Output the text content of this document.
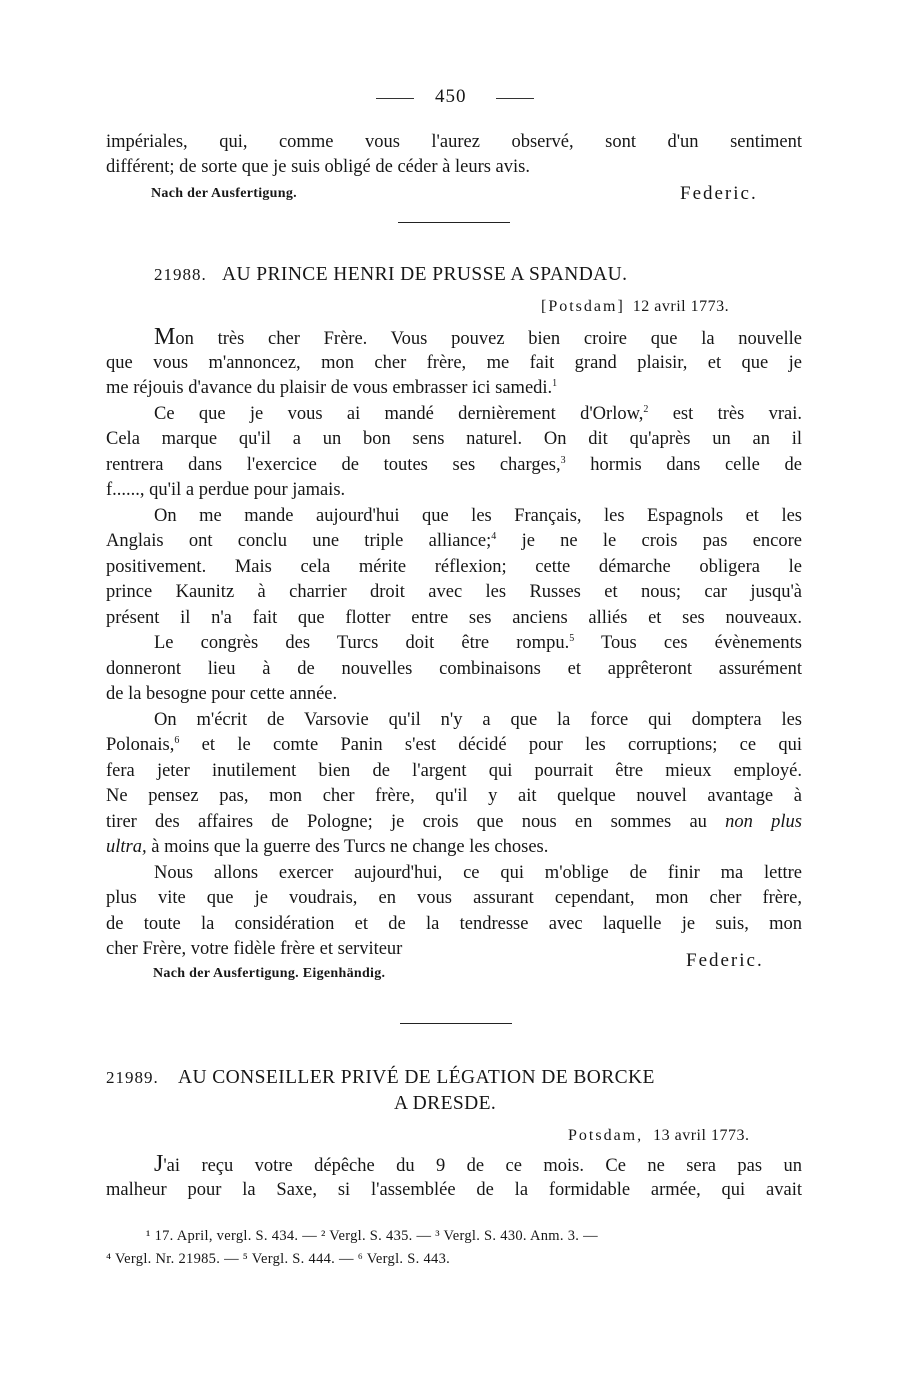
450
impériales, qui, comme vous l'aurez observé, sont d'un sentiment
différent; de sorte que je suis obligé de céder à leurs avis.
Nach der Ausfertigung.	Federic.
21988. AU PRINCE HENRI DE PRUSSE A SPANDAU.
[Potsdam] 12 avril 1773.
Mon très cher Frère. Vous pouvez bien croire que la nouvelle
que vous m'annoncez, mon cher frère, me fait grand plaisir, et que je
me réjouis d'avance du plaisir de vous embrasser ici samedi.$^1$
Ce que je vous ai mandé dernièrement d'Orlow,$^2$ est très vrai.
Cela marque qu'il a un bon sens naturel. On dit qu'après un an il
rentrera dans l'exercice de toutes ses charges,$^3$ hormis dans celle de
f......, qu'il a perdue pour jamais.
On me mande aujourd'hui que les Français, les Espagnols et les
Anglais ont conclu une triple alliance;$^4$ je ne le crois pas encore
positivement. Mais cela mérite réflexion; cette démarche obligera le
prince Kaunitz à charrier droit avec les Russes et nous; car jusqu'à
présent il n'a fait que flotter entre ses anciens alliés et ses nouveaux.
Le congrès des Turcs doit être rompu.$^5$ Tous ces évènements
donneront lieu à de nouvelles combinaisons et apprêteront assurément
de la besogne pour cette année.
On m'écrit de Varsovie qu'il n'y a que la force qui domptera les
Polonais,$^6$ et le comte Panin s'est décidé pour les corruptions; ce qui
fera jeter inutilement bien de l'argent qui pourrait être mieux employé.
Ne pensez pas, mon cher frère, qu'il y ait quelque nouvel avantage à
tirer des affaires de Pologne; je crois que nous en sommes au non plus
ultra, à moins que la guerre des Turcs ne change les choses.
Nous allons exercer aujourd'hui, ce qui m'oblige de finir ma lettre
plus vite que je voudrais, en vous assurant cependant, mon cher frère,
de toute la considération et de la tendresse avec laquelle je suis, mon
cher Frère, votre fidèle frère et serviteur
Nach der Ausfertigung. Eigenhändig.
Federic.
21989. AU CONSEILLER PRIVÉ DE LÉGATION DE BORCKE
A DRESDE.
Potsdam, 13 avril 1773.
J'ai reçu votre dépêche du 9 de ce mois. Ce ne sera pas un
malheur pour la Saxe, si l'assemblée de la formidable armée, qui avait
¹ 17. April, vergl. S. 434. — ² Vergl. S. 435. — ³ Vergl. S. 430. Anm. 3. —
⁴ Vergl. Nr. 21985. — ⁵ Vergl. S. 444. — ⁶ Vergl. S. 443.
